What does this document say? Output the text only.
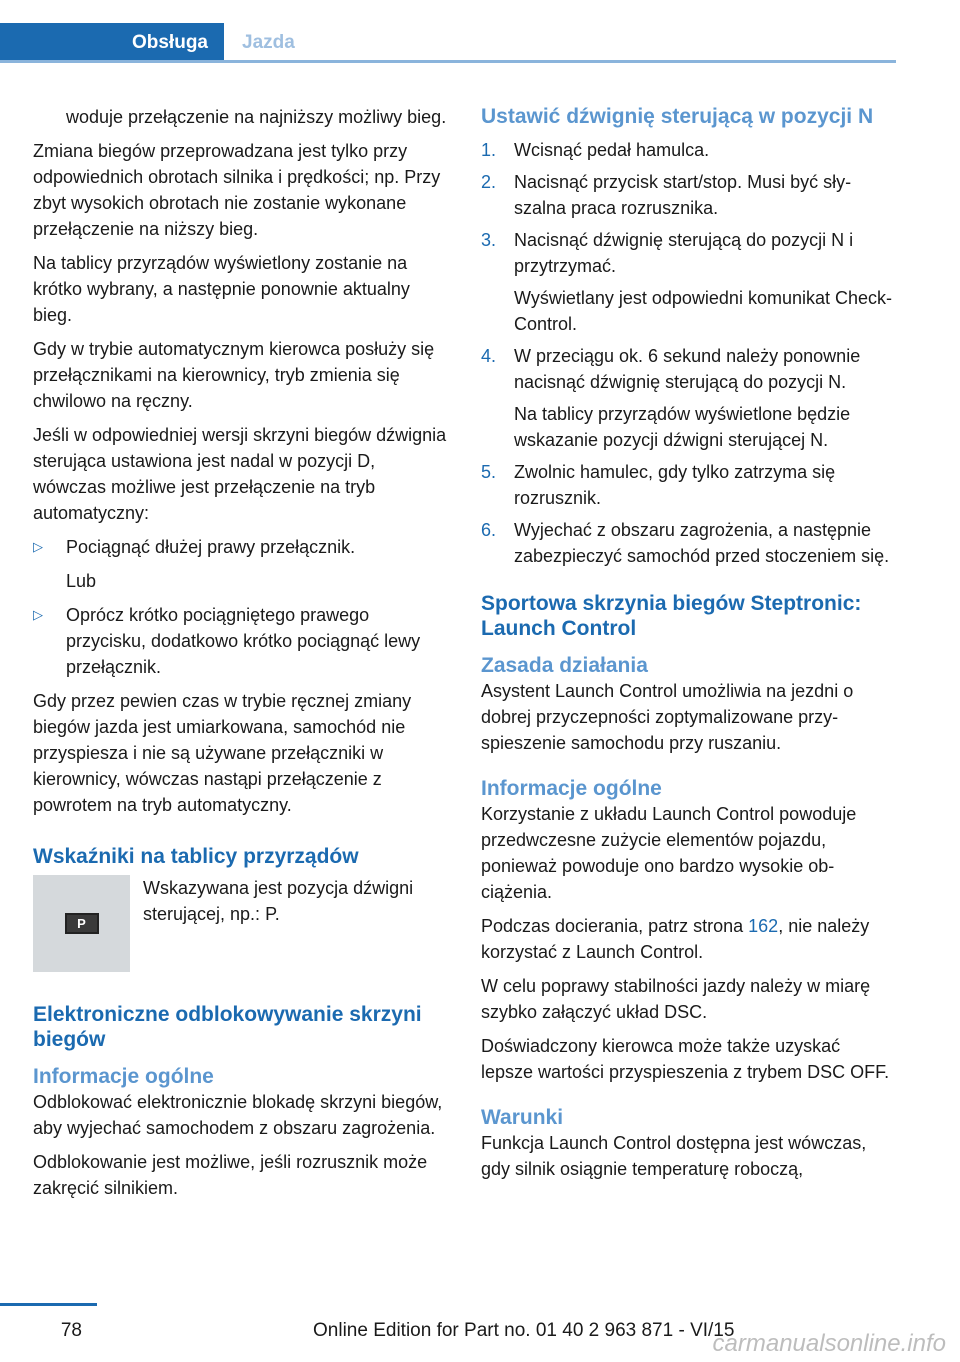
Obsługa	Jazda

woduje przełączenie na najniższy możliwy bieg.

Zmiana biegów przeprowadzana jest tylko przy odpowiednich obrotach silnika i prędkości; np. Przy zbyt wysokich obrotach nie zostanie wykonane przełączenie na niższy bieg.

Na tablicy przyrządów wyświetlony zostanie na krótko wybrany, a następnie ponownie aktualny bieg.

Gdy w trybie automatycznym kierowca posłuży się przełącznikami na kierownicy, tryb zmienia się chwilowo na ręczny.

Jeśli w odpowiedniej wersji skrzyni biegów dźwignia sterująca ustawiona jest nadal w pozycji D, wówczas możliwe jest przełączenie na tryb automatyczny:

▷	Pociągnąć dłużej prawy przełącznik.
Lub
▷	Oprócz krótko pociągniętego prawego przycisku, dodatkowo krótko pociągnąć lewy przełącznik.

Gdy przez pewien czas w trybie ręcznej zmiany biegów jazda jest umiarkowana, samochód nie przyspiesza i nie są używane przełączniki w kierownicy, wówczas nastąpi przełączenie z powrotem na tryb automatyczny.

Wskaźniki na tablicy przyrządów
P
Wskazywana jest pozycja dźwigni sterującej, np.: P.
Elektroniczne odblokowywanie skrzyni biegów
Informacje ogólne

Odblokować elektronicznie blokadę skrzyni biegów, aby wyjechać samochodem z obszaru zagrożenia.

Odblokowanie jest możliwe, jeśli rozrusznik może zakręcić silnikiem.

Ustawić dźwignię sterującą w pozycji N
1. Wcisnąć pedał hamulca.
2. Nacisnąć przycisk start/stop. Musi być słyszalna praca rozrusznika.
3. Nacisnąć dźwignię sterującą do pozycji N i przytrzymać.
Wyświetlany jest odpowiedni komunikat Check-Control.
4. W przeciągu ok. 6 sekund należy ponownie nacisnąć dźwignię sterującą do pozycji N.
Na tablicy przyrządów wyświetlone będzie wskazanie pozycji dźwigni sterującej N.
5. Zwolnic hamulec, gdy tylko zatrzyma się rozrusznik.
6. Wyjechać z obszaru zagrożenia, a następnie zabezpieczyć samochód przed stoczeniem się.
Sportowa skrzynia biegów Steptronic: Launch Control
Zasada działania

Asystent Launch Control umożliwia na jezdni o dobrej przyczepności zoptymalizowane przyspieszenie samochodu przy ruszaniu.

Informacje ogólne

Korzystanie z układu Launch Control powoduje przedwczesne zużycie elementów pojazdu, ponieważ powoduje ono bardzo wysokie obciążenia.

Podczas docierania, patrz strona 162, nie należy korzystać z Launch Control.

W celu poprawy stabilności jazdy należy w miarę szybko załączyć układ DSC.

Doświadczony kierowca może także uzyskać lepsze wartości przyspieszenia z trybem DSC OFF.

Warunki

Funkcja Launch Control dostępna jest wówczas, gdy silnik osiągnie temperaturę roboczą,

78	Online Edition for Part no. 01 40 2 963 871 - VI/15
carmanualsonline.info
